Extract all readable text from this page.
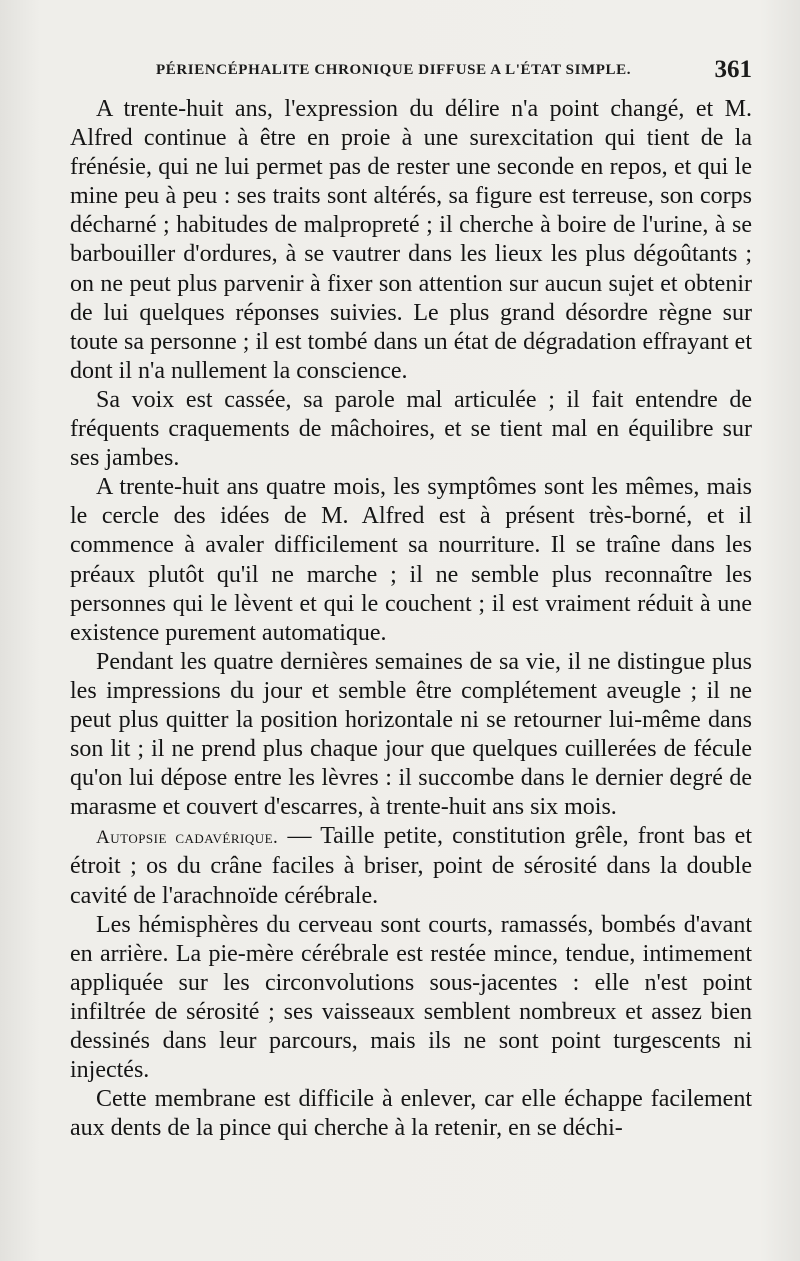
PÉRIENCÉPHALITE CHRONIQUE DIFFUSE A L'ÉTAT SIMPLE.	361

A trente-huit ans, l'expression du délire n'a point changé, et M. Alfred continue à être en proie à une surexcitation qui tient de la frénésie, qui ne lui permet pas de rester une seconde en repos, et qui le mine peu à peu : ses traits sont altérés, sa figure est terreuse, son corps décharné ; habitudes de malpropreté ; il cherche à boire de l'urine, à se barbouiller d'ordures, à se vautrer dans les lieux les plus dégoûtants ; on ne peut plus parvenir à fixer son attention sur aucun sujet et obtenir de lui quelques réponses suivies. Le plus grand désordre règne sur toute sa personne ; il est tombé dans un état de dégradation effrayant et dont il n'a nullement la conscience.

Sa voix est cassée, sa parole mal articulée ; il fait entendre de fréquents craquements de mâchoires, et se tient mal en équilibre sur ses jambes.

A trente-huit ans quatre mois, les symptômes sont les mêmes, mais le cercle des idées de M. Alfred est à présent très-borné, et il commence à avaler difficilement sa nourriture. Il se traîne dans les préaux plutôt qu'il ne marche ; il ne semble plus reconnaître les personnes qui le lèvent et qui le couchent ; il est vraiment réduit à une existence purement automatique.

Pendant les quatre dernières semaines de sa vie, il ne distingue plus les impressions du jour et semble être complétement aveugle ; il ne peut plus quitter la position horizontale ni se retourner lui-même dans son lit ; il ne prend plus chaque jour que quelques cuillerées de fécule qu'on lui dépose entre les lèvres : il succombe dans le dernier degré de marasme et couvert d'escarres, à trente-huit ans six mois.

Autopsie cadavérique. — Taille petite, constitution grêle, front bas et étroit ; os du crâne faciles à briser, point de sérosité dans la double cavité de l'arachnoïde cérébrale.

Les hémisphères du cerveau sont courts, ramassés, bombés d'avant en arrière. La pie-mère cérébrale est restée mince, tendue, intimement appliquée sur les circonvolutions sous-jacentes : elle n'est point infiltrée de sérosité ; ses vaisseaux semblent nombreux et assez bien dessinés dans leur parcours, mais ils ne sont point turgescents ni injectés.

Cette membrane est difficile à enlever, car elle échappe facilement aux dents de la pince qui cherche à la retenir, en se déchi-
